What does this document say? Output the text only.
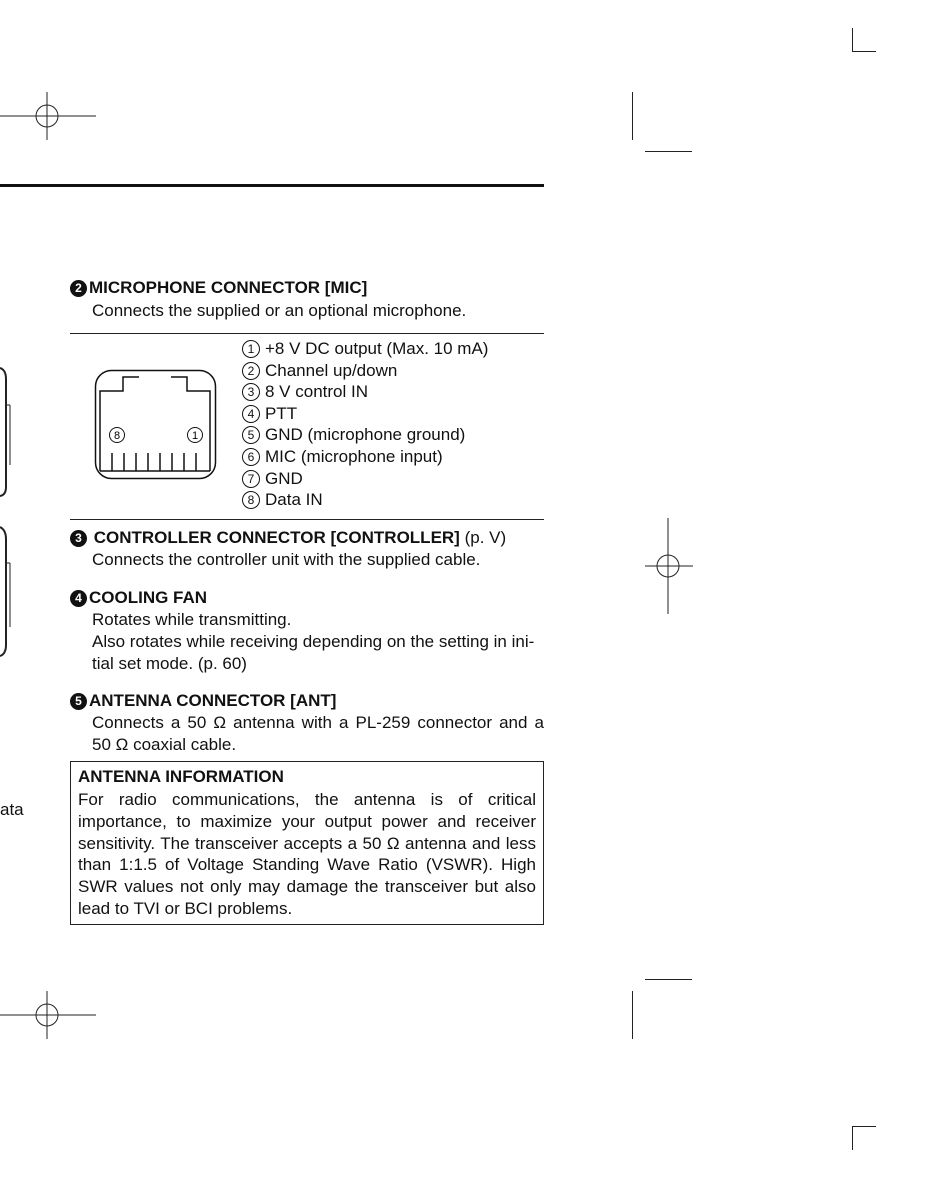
ata
2 MICROPHONE CONNECTOR [MIC]
Connects the supplied or an optional microphone.
8	1
1 +8 V DC output (Max. 10 mA)
2 Channel up/down
3 8 V control IN
4 PTT
5 GND (microphone ground)
6 MIC (microphone input)
7 GND
8 Data IN
3 CONTROLLER CONNECTOR [CONTROLLER] (p. V)
Connects the controller unit with the supplied cable.
4 COOLING FAN
Rotates while transmitting.
Also rotates while receiving depending on the setting in ini-tial set mode. (p. 60)
5 ANTENNA CONNECTOR [ANT]
Connects a 50 Ω antenna with a PL-259 connector and a 50 Ω coaxial cable.
ANTENNA INFORMATION
For radio communications, the antenna is of critical importance, to maximize your output power and receiver sensitivity. The transceiver accepts a 50 Ω antenna and less than 1:1.5 of Voltage Standing Wave Ratio (VSWR). High SWR values not only may damage the transceiver but also lead to TVI or BCI problems.
